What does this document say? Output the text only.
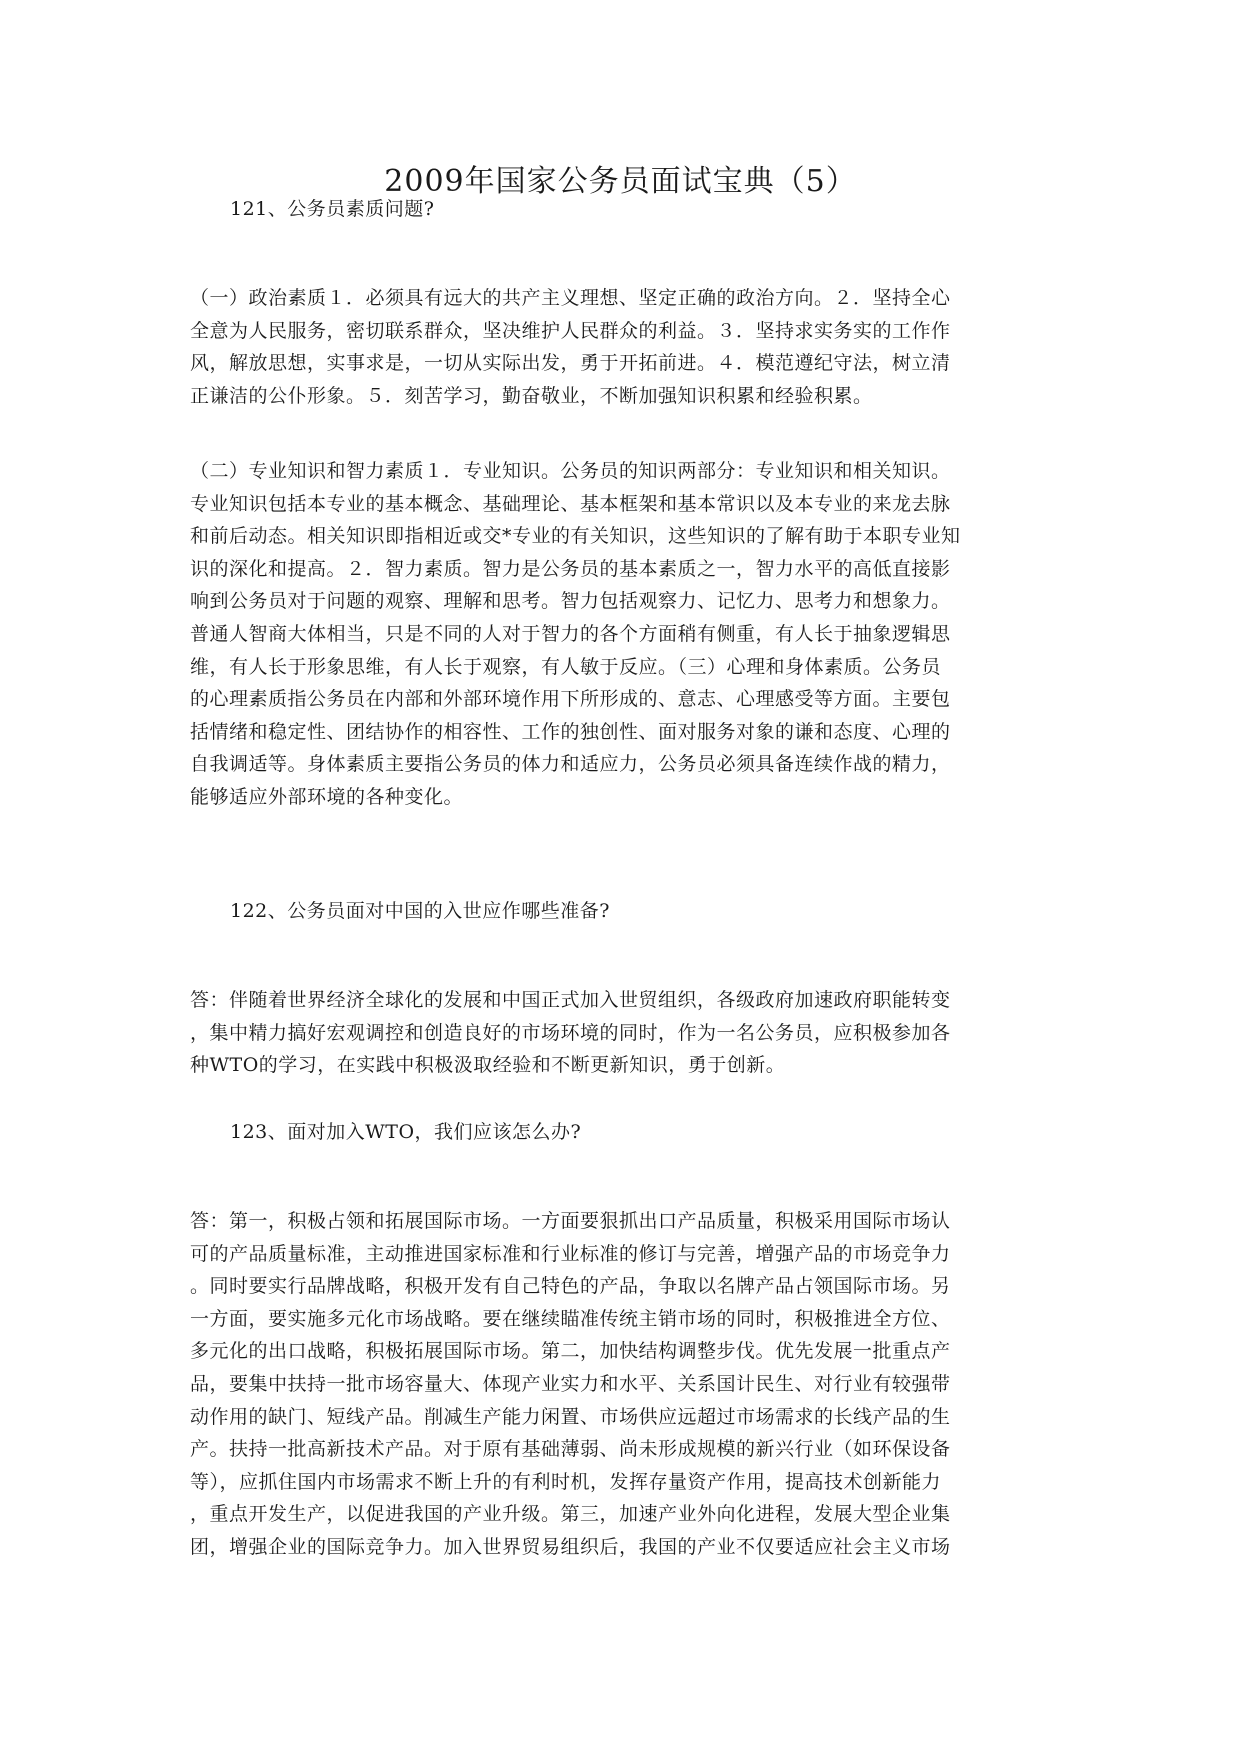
2009年国家公务员面试宝典（5）

121、公务员素质问题?

（一）政治素质１．必须具有远大的共产主义理想、坚定正确的政治方向。２．坚持全心
全意为人民服务，密切联系群众，坚决维护人民群众的利益。３．坚持求实务实的工作作
风，解放思想，实事求是，一切从实际出发，勇于开拓前进。４．模范遵纪守法，树立清
正谦洁的公仆形象。５．刻苦学习，勤奋敬业，不断加强知识积累和经验积累。
（二）专业知识和智力素质１．专业知识。公务员的知识两部分：专业知识和相关知识。
专业知识包括本专业的基本概念、基础理论、基本框架和基本常识以及本专业的来龙去脉
和前后动态。相关知识即指相近或交*专业的有关知识，这些知识的了解有助于本职专业知
识的深化和提高。２．智力素质。智力是公务员的基本素质之一，智力水平的高低直接影
响到公务员对于问题的观察、理解和思考。智力包括观察力、记忆力、思考力和想象力。
普通人智商大体相当，只是不同的人对于智力的各个方面稍有侧重，有人长于抽象逻辑思
维，有人长于形象思维，有人长于观察，有人敏于反应。（三）心理和身体素质。公务员
的心理素质指公务员在内部和外部环境作用下所形成的、意志、心理感受等方面。主要包
括情绪和稳定性、团结协作的相容性、工作的独创性、面对服务对象的谦和态度、心理的
自我调适等。身体素质主要指公务员的体力和适应力，公务员必须具备连续作战的精力，
能够适应外部环境的各种变化。

122、公务员面对中国的入世应作哪些准备?

答：伴随着世界经济全球化的发展和中国正式加入世贸组织，各级政府加速政府职能转变
，集中精力搞好宏观调控和创造良好的市场环境的同时，作为一名公务员，应积极参加各
种WTO的学习，在实践中积极汲取经验和不断更新知识，勇于创新。

123、面对加入WTO，我们应该怎么办?

答：第一，积极占领和拓展国际市场。一方面要狠抓出口产品质量，积极采用国际市场认
可的产品质量标准，主动推进国家标准和行业标准的修订与完善，增强产品的市场竞争力
。同时要实行品牌战略，积极开发有自己特色的产品，争取以名牌产品占领国际市场。另
一方面，要实施多元化市场战略。要在继续瞄准传统主销市场的同时，积极推进全方位、
多元化的出口战略，积极拓展国际市场。第二，加快结构调整步伐。优先发展一批重点产
品，要集中扶持一批市场容量大、体现产业实力和水平、关系国计民生、对行业有较强带
动作用的缺门、短线产品。削减生产能力闲置、市场供应远超过市场需求的长线产品的生
产。扶持一批高新技术产品。对于原有基础薄弱、尚未形成规模的新兴行业（如环保设备
等），应抓住国内市场需求不断上升的有利时机，发挥存量资产作用，提高技术创新能力
，重点开发生产，以促进我国的产业升级。第三，加速产业外向化进程，发展大型企业集
团，增强企业的国际竞争力。加入世界贸易组织后，我国的产业不仅要适应社会主义市场
